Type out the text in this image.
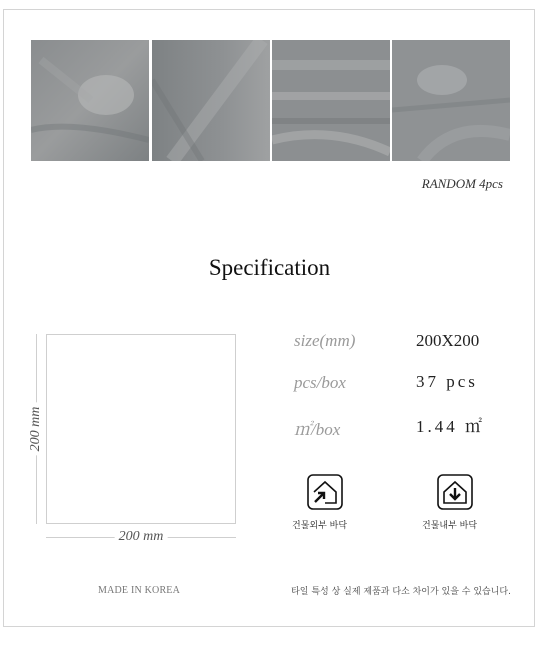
RANDOM 4pcs
Specification
200 mm
200 mm
size(mm)	200X200
pcs/box	37 pcs
㎡/box	1.44 ㎡
건물외부 바닥	건물내부 바닥
MADE IN KOREA	타일 특성 상 실제 제품과 다소 차이가 있을 수 있습니다.
